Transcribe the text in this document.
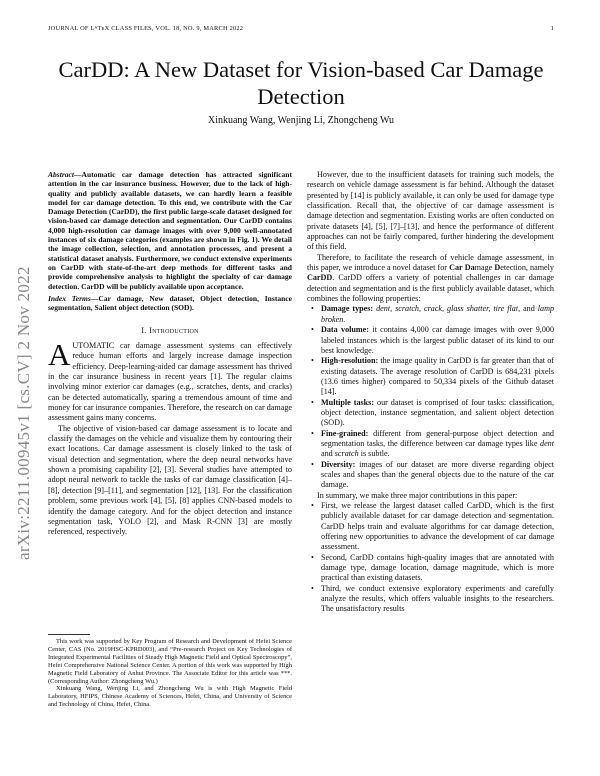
JOURNAL OF LᴬTᴇX CLASS FILES, VOL. 18, NO. 9, MARCH 2022	1
CarDD: A New Dataset for Vision-based Car Damage Detection
Xinkuang Wang, Wenjing Li, Zhongcheng Wu
arXiv:2211.00945v1 [cs.CV] 2 Nov 2022
Abstract—Automatic car damage detection has attracted significant attention in the car insurance business. However, due to the lack of high-quality and publicly available datasets, we can hardly learn a feasible model for car damage detection. To this end, we contribute with the Car Damage Detection (CarDD), the first public large-scale dataset designed for vision-based car damage detection and segmentation. Our CarDD contains 4,000 high-resolution car damage images with over 9,000 well-annotated instances of six damage categories (examples are shown in Fig. 1). We detail the image collection, selection, and annotation processes, and present a statistical dataset analysis. Furthermore, we conduct extensive experiments on CarDD with state-of-the-art deep methods for different tasks and provide comprehensive analysis to highlight the specialty of car damage detection. CarDD will be publicly available upon acceptance.
Index Terms—Car damage, New dataset, Object detection, Instance segmentation, Salient object detection (SOD).
I. Introduction

AUTOMATIC car damage assessment systems can effectively reduce human efforts and largely increase damage inspection efficiency. Deep-learning-aided car damage assessment has thrived in the car insurance business in recent years [1]. The regular claims involving minor exterior car damages (e.g., scratches, dents, and cracks) can be detected automatically, sparing a tremendous amount of time and money for car insurance companies. Therefore, the research on car damage assessment gains many concerns.

The objective of vision-based car damage assessment is to locate and classify the damages on the vehicle and visualize them by contouring their exact locations. Car damage assessment is closely linked to the task of visual detection and segmentation, where the deep neural networks have shown a promising capability [2], [3]. Several studies have attempted to adopt neural network to tackle the tasks of car damage classification [4]–[8], detection [9]–[11], and segmentation [12], [13]. For the classification problem, some previous work [4], [5], [8] applies CNN-based models to identify the damage category. And for the object detection and instance segmentation task, YOLO [2], and Mask R-CNN [3] are mostly referenced, respectively.

This work was supported by Key Program of Research and Development of Hefei Science Center, CAS (No. 2019HSC-KPRD003), and “Pre-research Project on Key Technologies of Integrated Experimental Facilities of Steady High Magnetic Field and Optical Spectroscopy”, Hefei Comprehensive National Science Center. A portion of this work was supported by High Magnetic Field Laboratory of Anhui Province. The Associate Editor for this article was ***. (Corresponding Author: Zhongcheng Wu.)

Xinkuang Wang, Wenjing Li, and Zhongcheng Wu is with High Magnetic Field Laboratory, HFIPS, Chinese Academy of Sciences, Hefei, China, and University of Science and Technology of China, Hefei, China.

However, due to the insufficient datasets for training such models, the research on vehicle damage assessment is far behind. Although the dataset presented by [14] is publicly available, it can only be used for damage type classification. Recall that, the objective of car damage assessment is damage detection and segmentation. Existing works are often conducted on private datasets [4], [5], [7]–[13], and hence the performance of different approaches can not be fairly compared, further hindering the development of this field.

Therefore, to facilitate the research of vehicle damage assessment, in this paper, we introduce a novel dataset for Car Damage Detection, namely CarDD. CarDD offers a variety of potential challenges in car damage detection and segmentation and is the first publicly available dataset, which combines the following properties:

• Damage types: dent, scratch, crack, glass shatter, tire flat, and lamp broken.
• Data volume: it contains 4,000 car damage images with over 9,000 labeled instances which is the largest public dataset of its kind to our best knowledge.
• High-resolution: the image quality in CarDD is far greater than that of existing datasets. The average resolution of CarDD is 684,231 pixels (13.6 times higher) compared to 50,334 pixels of the Github dataset [14].
• Multiple tasks: our dataset is comprised of four tasks: classification, object detection, instance segmentation, and salient object detection (SOD).
• Fine-grained: different from general-purpose object detection and segmentation tasks, the difference between car damage types like dent and scratch is subtle.
• Diversity: images of our dataset are more diverse regarding object scales and shapes than the general objects due to the nature of the car damage.

In summary, we make three major contributions in this paper:

• First, we release the largest dataset called CarDD, which is the first publicly available dataset for car damage detection and segmentation. CarDD helps train and evaluate algorithms for car damage detection, offering new opportunities to advance the development of car damage assessment.
• Second, CarDD contains high-quality images that are annotated with damage type, damage location, damage magnitude, which is more practical than existing datasets.
• Third, we conduct extensive exploratory experiments and carefully analyze the results, which offers valuable insights to the researchers. The unsatisfactory results
